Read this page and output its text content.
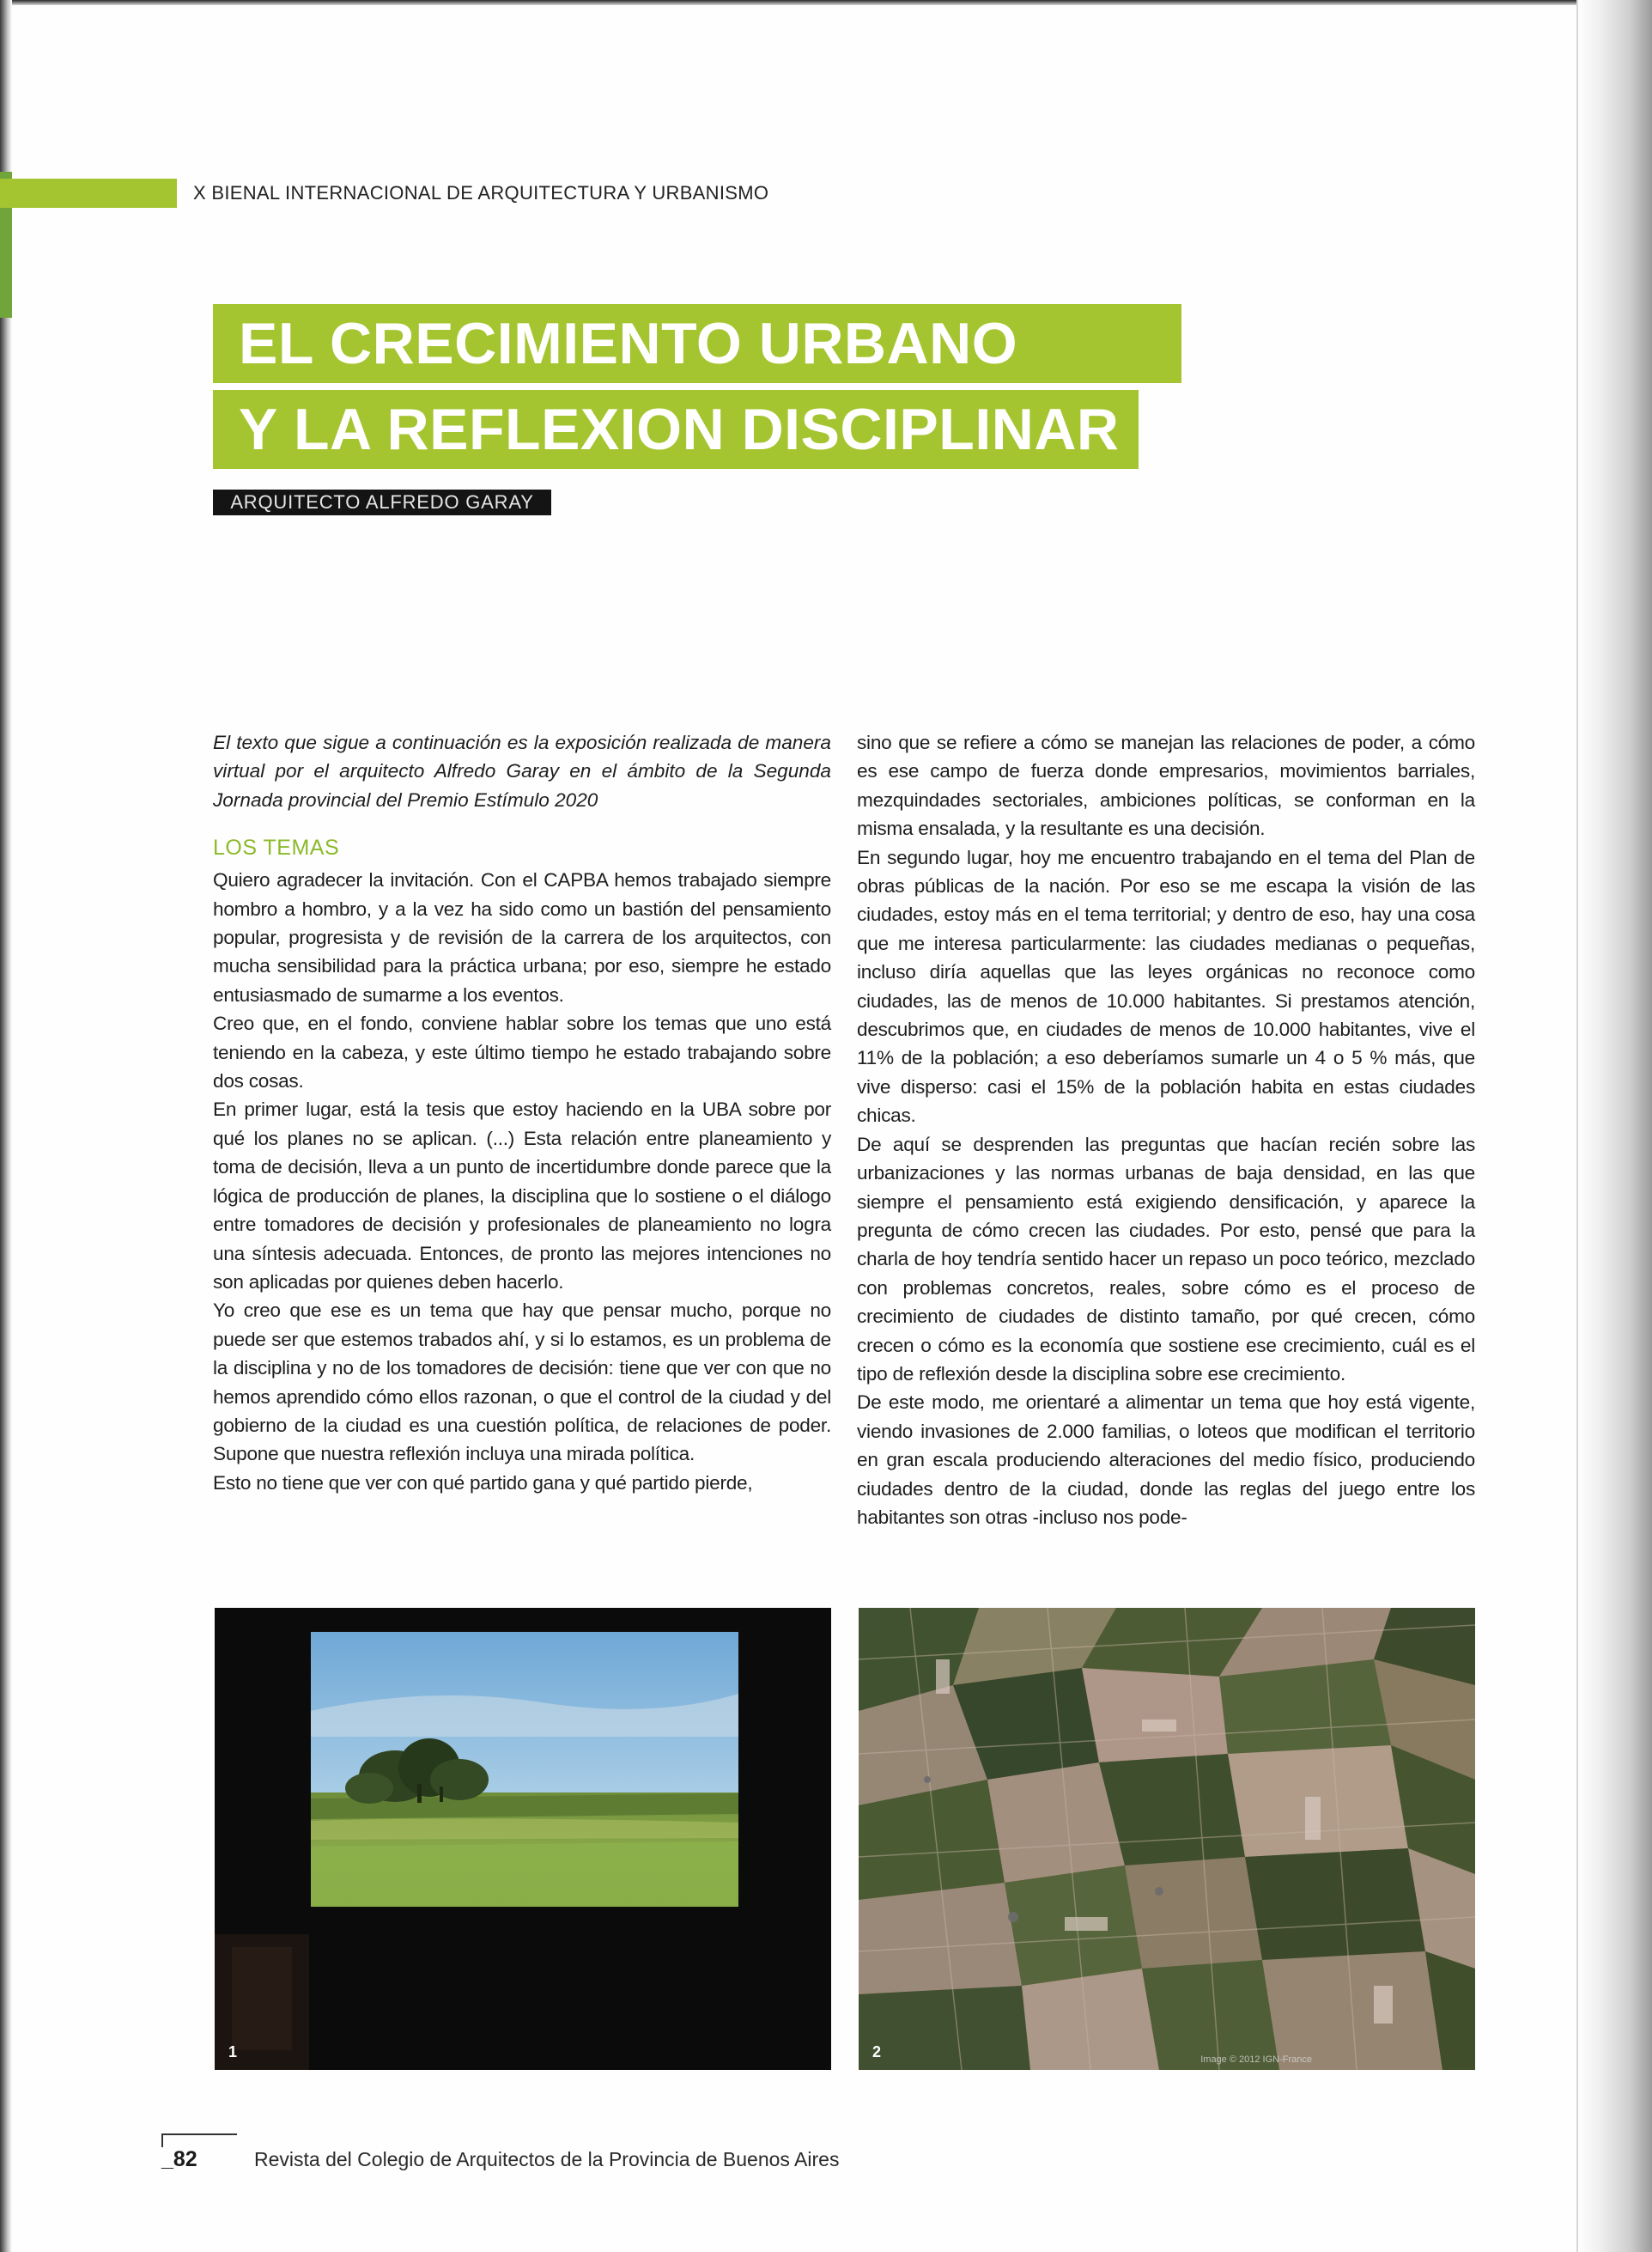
X BIENAL INTERNACIONAL DE ARQUITECTURA Y URBANISMO
EL CRECIMIENTO URBANO
Y LA REFLEXION DISCIPLINAR
ARQUITECTO ALFREDO GARAY

El texto que sigue a continuación es la exposición realizada de manera virtual por el arquitecto Alfredo Garay en el ámbito de la Segunda Jornada provincial del Premio Estímulo 2020

LOS TEMAS

Quiero agradecer la invitación. Con el CAPBA hemos trabajado siempre hombro a hombro, y a la vez ha sido como un bastión del pensamiento popular, progresista y de revisión de la carrera de los arquitectos, con mucha sensibilidad para la práctica urbana; por eso, siempre he estado entusiasmado de sumarme a los eventos.

Creo que, en el fondo, conviene hablar sobre los temas que uno está teniendo en la cabeza, y este último tiempo he estado trabajando sobre dos cosas.

En primer lugar, está la tesis que estoy haciendo en la UBA sobre por qué los planes no se aplican. (...) Esta relación entre planeamiento y toma de decisión, lleva a un punto de incertidumbre donde parece que la lógica de producción de planes, la disciplina que lo sostiene o el diálogo entre tomadores de decisión y profesionales de planeamiento no logra una síntesis adecuada. Entonces, de pronto las mejores intenciones no son aplicadas por quienes deben hacerlo.

Yo creo que ese es un tema que hay que pensar mucho, porque no puede ser que estemos trabados ahí, y si lo estamos, es un problema de la disciplina y no de los tomadores de decisión: tiene que ver con que no hemos aprendido cómo ellos razonan, o que el control de la ciudad y del gobierno de la ciudad es una cuestión política, de relaciones de poder. Supone que nuestra reflexión incluya una mirada política.

Esto no tiene que ver con qué partido gana y qué partido pierde,

sino que se refiere a cómo se manejan las relaciones de poder, a cómo es ese campo de fuerza donde empresarios, movimientos barriales, mezquindades sectoriales, ambiciones políticas, se conforman en la misma ensalada, y la resultante es una decisión.

En segundo lugar, hoy me encuentro trabajando en el tema del Plan de obras públicas de la nación. Por eso se me escapa la visión de las ciudades, estoy más en el tema territorial; y dentro de eso, hay una cosa que me interesa particularmente: las ciudades medianas o pequeñas, incluso diría aquellas que las leyes orgánicas no reconoce como ciudades, las de menos de 10.000 habitantes. Si prestamos atención, descubrimos que, en ciudades de menos de 10.000 habitantes, vive el 11% de la población; a eso deberíamos sumarle un 4 o 5 % más, que vive disperso: casi el 15% de la población habita en estas ciudades chicas.

De aquí se desprenden las preguntas que hacían recién sobre las urbanizaciones y las normas urbanas de baja densidad, en las que siempre el pensamiento está exigiendo densificación, y aparece la pregunta de cómo crecen las ciudades. Por esto, pensé que para la charla de hoy tendría sentido hacer un repaso un poco teórico, mezclado con problemas concretos, reales, sobre cómo es el proceso de crecimiento de ciudades de distinto tamaño, por qué crecen, cómo crecen o cómo es la economía que sostiene ese crecimiento, cuál es el tipo de reflexión desde la disciplina sobre ese crecimiento.

De este modo, me orientaré a alimentar un tema que hoy está vigente, viendo invasiones de 2.000 familias, o loteos que modifican el territorio en gran escala produciendo alteraciones del medio físico, produciendo ciudades dentro de la ciudad, donde las reglas del juego entre los habitantes son otras -incluso nos pode-

1	2	Image © 2012 IGN-France
_82	Revista del Colegio de Arquitectos de la Provincia de Buenos Aires
